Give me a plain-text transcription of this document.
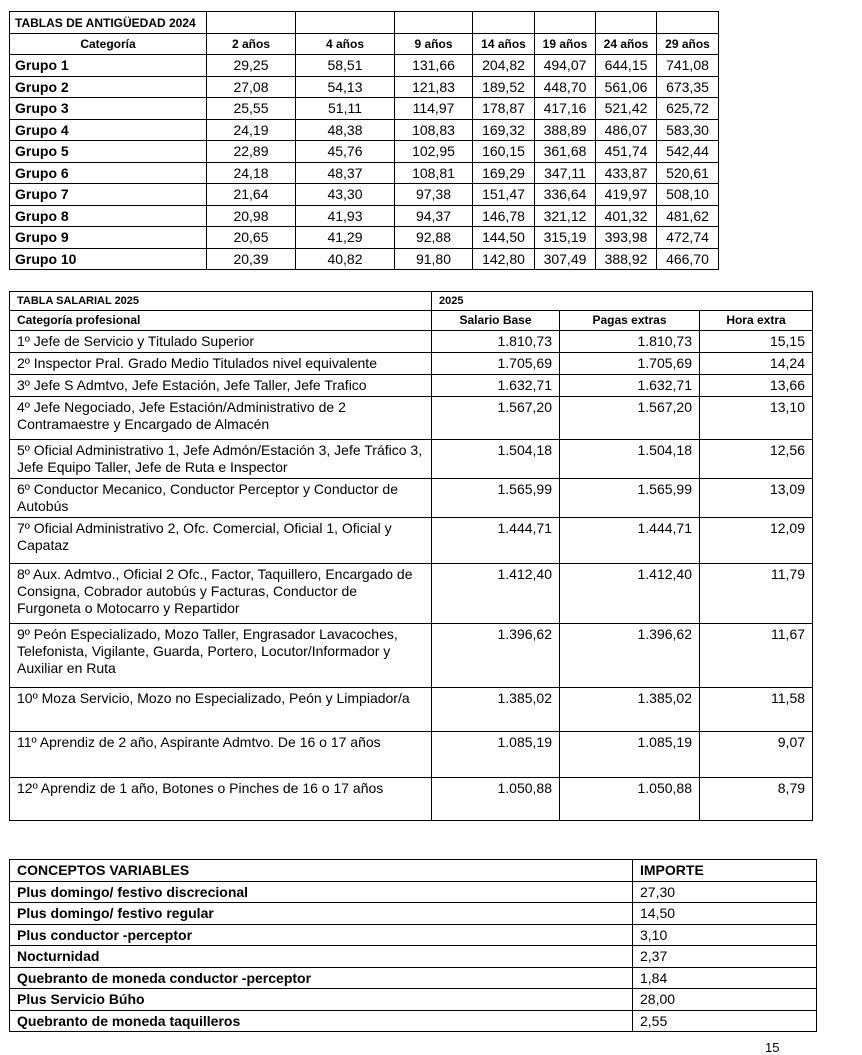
TABLAS DE ANTIGÜEDAD 2024							
Categoría	2 años	4 años	9 años	14 años	19 años	24 años	29 años
Grupo 1	29,25	58,51	131,66	204,82	494,07	644,15	741,08
Grupo 2	27,08	54,13	121,83	189,52	448,70	561,06	673,35
Grupo 3	25,55	51,11	114,97	178,87	417,16	521,42	625,72
Grupo 4	24,19	48,38	108,83	169,32	388,89	486,07	583,30
Grupo 5	22,89	45,76	102,95	160,15	361,68	451,74	542,44
Grupo 6	24,18	48,37	108,81	169,29	347,11	433,87	520,61
Grupo 7	21,64	43,30	97,38	151,47	336,64	419,97	508,10
Grupo 8	20,98	41,93	94,37	146,78	321,12	401,32	481,62
Grupo 9	20,65	41,29	92,88	144,50	315,19	393,98	472,74
Grupo 10	20,39	40,82	91,80	142,80	307,49	388,92	466,70
TABLA SALARIAL 2025	2025		
Categoría profesional	Salario Base	Pagas extras	Hora extra
1º Jefe de Servicio y Titulado Superior	1.810,73	1.810,73	15,15
2º Inspector Pral. Grado Medio Titulados nivel equivalente	1.705,69	1.705,69	14,24
3º Jefe S Admtvo, Jefe Estación, Jefe Taller, Jefe Trafico	1.632,71	1.632,71	13,66
4º Jefe Negociado, Jefe Estación/Administrativo de 2 Contramaestre y Encargado de Almacén	1.567,20	1.567,20	13,10
5º Oficial Administrativo 1, Jefe Admón/Estación 3, Jefe Tráfico 3, Jefe Equipo Taller, Jefe de Ruta e Inspector	1.504,18	1.504,18	12,56
6º Conductor Mecanico, Conductor Perceptor y Conductor de Autobús	1.565,99	1.565,99	13,09
7º Oficial Administrativo 2, Ofc. Comercial, Oficial 1, Oficial y Capataz	1.444,71	1.444,71	12,09
8º Aux. Admtvo., Oficial 2 Ofc., Factor, Taquillero, Encargado de Consigna, Cobrador autobús y Facturas, Conductor de Furgoneta o Motocarro y Repartidor	1.412,40	1.412,40	11,79
9º Peón Especializado, Mozo Taller, Engrasador Lavacoches, Telefonista, Vigilante, Guarda, Portero, Locutor/Informador y Auxiliar en Ruta	1.396,62	1.396,62	11,67
10º Moza Servicio, Mozo no Especializado, Peón y Limpiador/a	1.385,02	1.385,02	11,58
11º Aprendiz de 2 año, Aspirante Admtvo. De 16 o 17 años	1.085,19	1.085,19	9,07
12º Aprendiz de 1 año, Botones o Pinches de 16 o 17 años	1.050,88	1.050,88	8,79
CONCEPTOS VARIABLES	IMPORTE
Plus domingo/ festivo discrecional	27,30
Plus domingo/ festivo regular	14,50
Plus conductor -perceptor	3,10
Nocturnidad	2,37
Quebranto de moneda conductor -perceptor	1,84
Plus Servicio Búho	28,00
Quebranto de moneda taquilleros	2,55
15
